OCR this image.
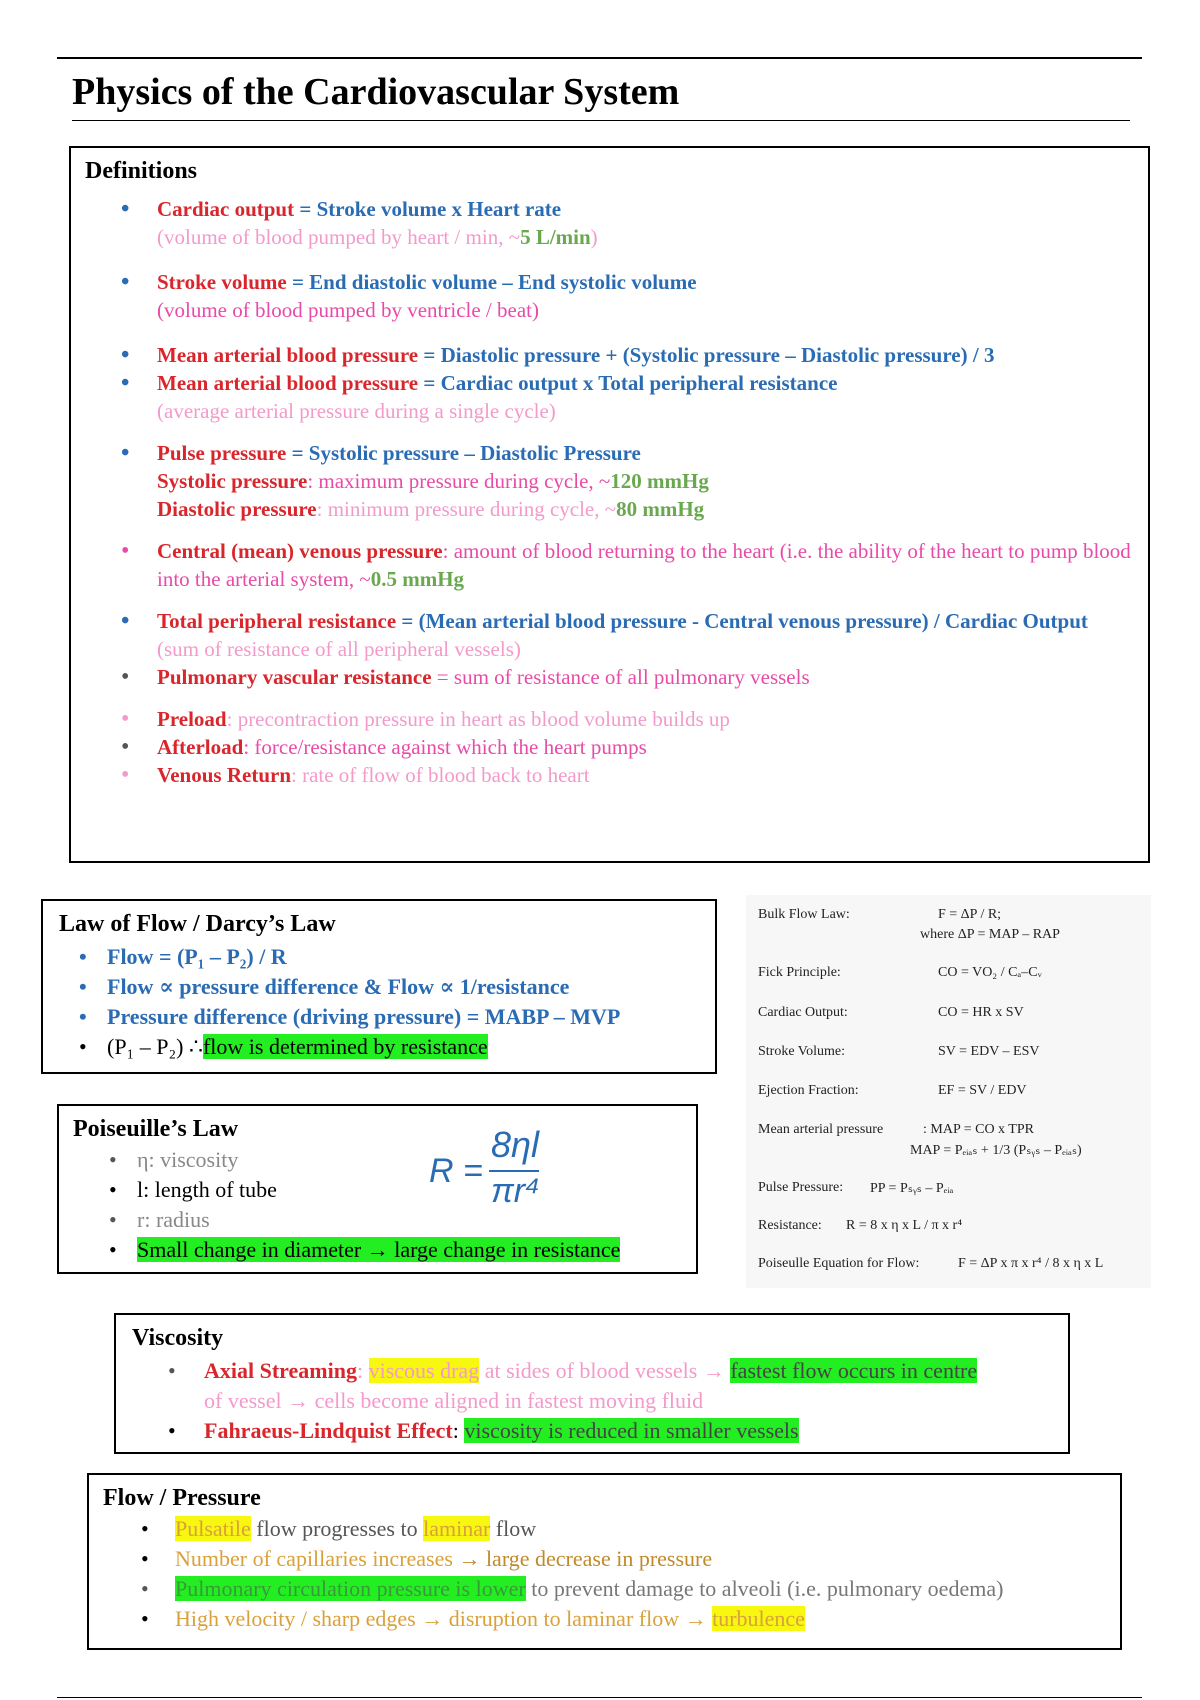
Physics of the Cardiovascular System
Definitions
• Cardiac output = Stroke volume x Heart rate
(volume of blood pumped by heart / min, ~5 L/min)
• Stroke volume = End diastolic volume – End systolic volume
(volume of blood pumped by ventricle / beat)
• Mean arterial blood pressure = Diastolic pressure + (Systolic pressure – Diastolic pressure) / 3
• Mean arterial blood pressure = Cardiac output x Total peripheral resistance
(average arterial pressure during a single cycle)
• Pulse pressure = Systolic pressure – Diastolic Pressure
Systolic pressure: maximum pressure during cycle, ~120 mmHg
Diastolic pressure: minimum pressure during cycle, ~80 mmHg
• Central (mean) venous pressure: amount of blood returning to the heart (i.e. the ability of the heart to pump blood into the arterial system, ~0.5 mmHg
• Total peripheral resistance = (Mean arterial blood pressure - Central venous pressure) / Cardiac Output
(sum of resistance of all peripheral vessels)
• Pulmonary vascular resistance = sum of resistance of all pulmonary vessels
• Preload: precontraction pressure in heart as blood volume builds up
• Afterload: force/resistance against which the heart pumps
• Venous Return: rate of flow of blood back to heart
Law of Flow / Darcy’s Law
• Flow = (P₁ – P₂) / R
• Flow ∝ pressure difference & Flow ∝ 1/resistance
• Pressure difference (driving pressure) = MABP – MVP
• (P₁ – P₂) ∴flow is determined by resistance
Poiseuille’s Law
• η: viscosity
• l: length of tube
• r: radius
• Small change in diameter → large change in resistance
R =
8ηl
πr⁴
Bulk Flow Law:	F = ΔP / R;
where ΔP = MAP – RAP
Fick Principle:	CO = VO₂ / Cₐ–Cᵥ
Cardiac Output:	CO = HR x SV
Stroke Volume:	SV = EDV – ESV
Ejection Fraction:	EF = SV / EDV
Mean arterial pressure	: MAP = CO x TPR
MAP = Pₑᵢₐₛ + 1/3 (Pₛᵧₛ – Pₑᵢₐₛ)
Pulse Pressure: PP = Pₛᵧₛ – Pₑᵢₐ
Resistance: R = 8 x η x L / π x r⁴
Poiseulle Equation for Flow:	F = ΔP x π x r⁴ / 8 x η x L
Viscosity
• Axial Streaming: viscous drag at sides of blood vessels → fastest flow occurs in centre
of vessel → cells become aligned in fastest moving fluid
• Fahraeus-Lindquist Effect: viscosity is reduced in smaller vessels
Flow / Pressure
• Pulsatile flow progresses to laminar flow
• Number of capillaries increases → large decrease in pressure
• Pulmonary circulation pressure is lower to prevent damage to alveoli (i.e. pulmonary oedema)
• High velocity / sharp edges → disruption to laminar flow → turbulence
